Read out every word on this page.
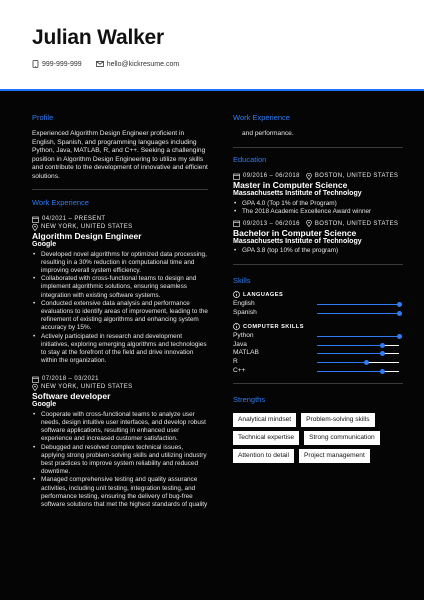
Julian Walker
999-999-999	hello@kickresume.com
Profile
Experienced Algorithm Design Engineer proficient in English, Spanish, and programming languages including Python, Java, MATLAB, R, and C++. Seeking a challenging position in Algorithm Design Engineering to utilize my skills and contribute to the development of innovative and efficient solutions.
Work Experience
04/2021 – PRESENT
NEW YORK, UNITED STATES
Algorithm Design Engineer
Google
• Developed novel algorithms for optimized data processing, resulting in a 30% reduction in computational time and improving overall system efficiency.
• Collaborated with cross-functional teams to design and implement algorithmic solutions, ensuring seamless integration with existing software systems.
• Conducted extensive data analysis and performance evaluations to identify areas of improvement, leading to the refinement of existing algorithms and enhancing system accuracy by 15%.
• Actively participated in research and development initiatives, exploring emerging algorithms and technologies to stay at the forefront of the field and drive innovation within the organization.
07/2018 – 03/2021
NEW YORK, UNITED STATES
Software developer
Google
• Cooperate with cross-functional teams to analyze user needs, design intuitive user interfaces, and develop robust software applications, resulting in enhanced user experience and increased customer satisfaction.
• Debugged and resolved complex technical issues, applying strong problem-solving skills and utilizing industry best practices to improve system reliability and reduced downtime.
• Managed comprehensive testing and quality assurance activities, including unit testing, integration testing, and performance testing, ensuring the delivery of bug-free software solutions that met the highest standards of quality
Work Experience
and performance.
Education
09/2016 – 06/2018	BOSTON, UNITED STATES
Master in Computer Science
Massachusetts Institute of Technology
• GPA 4.0 (Top 1% of the Program)
• The 2018 Academic Excellence Award winner
09/2013 – 06/2016	BOSTON, UNITED STATES
Bachelor in Computer Science
Massachusetts Institute of Technology
• GPA 3.8 (top 10% of the program)
Skills
LANGUAGES
English
Spanish
COMPUTER SKILLS
Python
Java
MATLAB
R
C++
Strengths
Analytical mindset	Problem-solving skills
Technical expertise	Strong communication
Attention to detail	Project management
